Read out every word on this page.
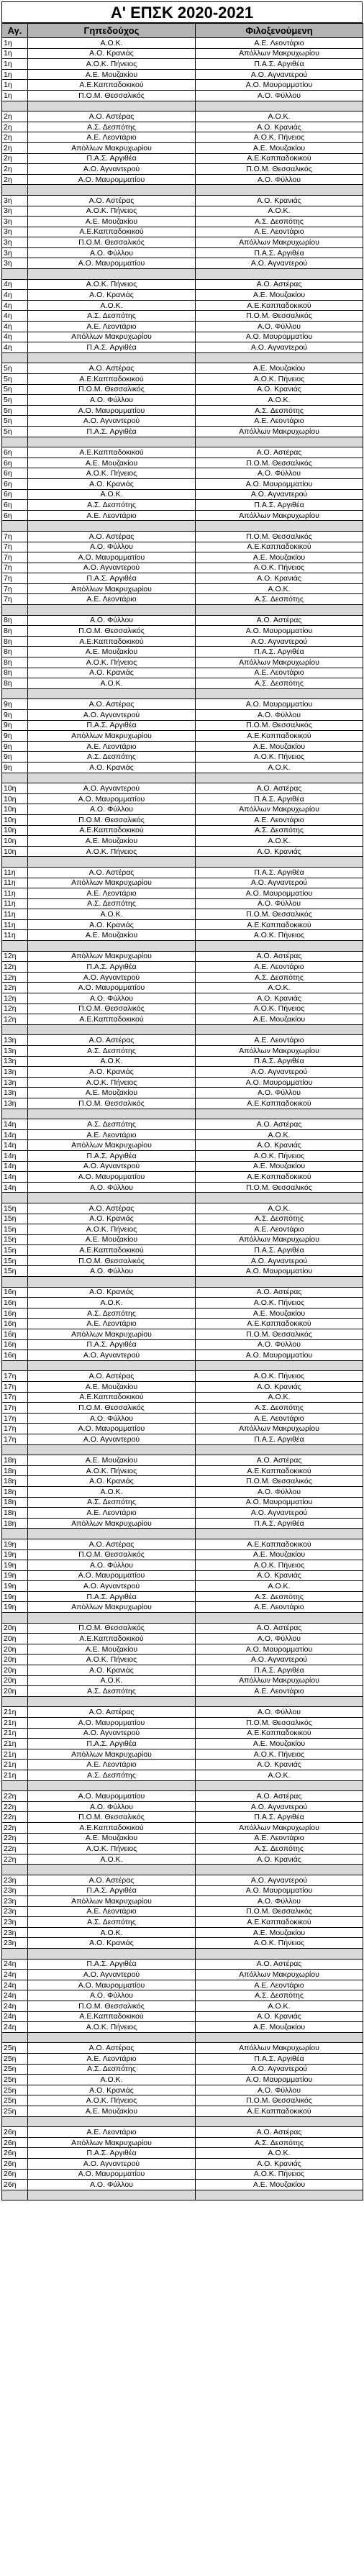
Α' ΕΠΣΚ 2020-2021
Αγ.	Γηπεδούχος	Φιλοξενούμενη
1η	Α.Ο.Κ.	Α.Ε. Λεοντάριο
1η	Α.Ο. Κρανιάς	Απόλλων Μακρυχωρίου
1η	Α.Ο.Κ. Πήνειος	Π.Α.Σ. Αργιθέα
1η	Α.Ε. Μουζακίου	Α.Ο. Αγναντερού
1η	Α.Ε.Καππαδοκικού	Α.Ο. Μαυρομματίου
1η	Π.Ο.Μ. Θεσσαλικός	Α.Ο. Φύλλου

2η	Α.Ο. Αστέρας	Α.Ο.Κ.
2η	Α.Σ. Δεσπότης	Α.Ο. Κρανιάς
2η	Α.Ε. Λεοντάριο	Α.Ο.Κ. Πήνειος
2η	Απόλλων Μακρυχωρίου	Α.Ε. Μουζακίου
2η	Π.Α.Σ. Αργιθέα	Α.Ε.Καππαδοκικού
2η	Α.Ο. Αγναντερού	Π.Ο.Μ. Θεσσαλικός
2η	Α.Ο. Μαυρομματίου	Α.Ο. Φύλλου

3η	Α.Ο. Αστέρας	Α.Ο. Κρανιάς
3η	Α.Ο.Κ. Πήνειος	Α.Ο.Κ.
3η	Α.Ε. Μουζακίου	Α.Σ. Δεσπότης
3η	Α.Ε.Καππαδοκικού	Α.Ε. Λεοντάριο
3η	Π.Ο.Μ. Θεσσαλικός	Απόλλων Μακρυχωρίου
3η	Α.Ο. Φύλλου	Π.Α.Σ. Αργιθέα
3η	Α.Ο. Μαυρομματίου	Α.Ο. Αγναντερού

4η	Α.Ο.Κ. Πήνειος	Α.Ο. Αστέρας
4η	Α.Ο. Κρανιάς	Α.Ε. Μουζακίου
4η	Α.Ο.Κ.	Α.Ε.Καππαδοκικού
4η	Α.Σ. Δεσπότης	Π.Ο.Μ. Θεσσαλικός
4η	Α.Ε. Λεοντάριο	Α.Ο. Φύλλου
4η	Απόλλων Μακρυχωρίου	Α.Ο. Μαυρομματίου
4η	Π.Α.Σ. Αργιθέα	Α.Ο. Αγναντερού

5η	Α.Ο. Αστέρας	Α.Ε. Μουζακίου
5η	Α.Ε.Καππαδοκικού	Α.Ο.Κ. Πήνειος
5η	Π.Ο.Μ. Θεσσαλικός	Α.Ο. Κρανιάς
5η	Α.Ο. Φύλλου	Α.Ο.Κ.
5η	Α.Ο. Μαυρομματίου	Α.Σ. Δεσπότης
5η	Α.Ο. Αγναντερού	Α.Ε. Λεοντάριο
5η	Π.Α.Σ. Αργιθέα	Απόλλων Μακρυχωρίου

6η	Α.Ε.Καππαδοκικού	Α.Ο. Αστέρας
6η	Α.Ε. Μουζακίου	Π.Ο.Μ. Θεσσαλικός
6η	Α.Ο.Κ. Πήνειος	Α.Ο. Φύλλου
6η	Α.Ο. Κρανιάς	Α.Ο. Μαυρομματίου
6η	Α.Ο.Κ.	Α.Ο. Αγναντερού
6η	Α.Σ. Δεσπότης	Π.Α.Σ. Αργιθέα
6η	Α.Ε. Λεοντάριο	Απόλλων Μακρυχωρίου

7η	Α.Ο. Αστέρας	Π.Ο.Μ. Θεσσαλικός
7η	Α.Ο. Φύλλου	Α.Ε.Καππαδοκικού
7η	Α.Ο. Μαυρομματίου	Α.Ε. Μουζακίου
7η	Α.Ο. Αγναντερού	Α.Ο.Κ. Πήνειος
7η	Π.Α.Σ. Αργιθέα	Α.Ο. Κρανιάς
7η	Απόλλων Μακρυχωρίου	Α.Ο.Κ.
7η	Α.Ε. Λεοντάριο	Α.Σ. Δεσπότης

8η	Α.Ο. Φύλλου	Α.Ο. Αστέρας
8η	Π.Ο.Μ. Θεσσαλικός	Α.Ο. Μαυρομματίου
8η	Α.Ε.Καππαδοκικού	Α.Ο. Αγναντερού
8η	Α.Ε. Μουζακίου	Π.Α.Σ. Αργιθέα
8η	Α.Ο.Κ. Πήνειος	Απόλλων Μακρυχωρίου
8η	Α.Ο. Κρανιάς	Α.Ε. Λεοντάριο
8η	Α.Ο.Κ.	Α.Σ. Δεσπότης

9η	Α.Ο. Αστέρας	Α.Ο. Μαυρομματίου
9η	Α.Ο. Αγναντερού	Α.Ο. Φύλλου
9η	Π.Α.Σ. Αργιθέα	Π.Ο.Μ. Θεσσαλικός
9η	Απόλλων Μακρυχωρίου	Α.Ε.Καππαδοκικού
9η	Α.Ε. Λεοντάριο	Α.Ε. Μουζακίου
9η	Α.Σ. Δεσπότης	Α.Ο.Κ. Πήνειος
9η	Α.Ο. Κρανιάς	Α.Ο.Κ.

10η	Α.Ο. Αγναντερού	Α.Ο. Αστέρας
10η	Α.Ο. Μαυρομματίου	Π.Α.Σ. Αργιθέα
10η	Α.Ο. Φύλλου	Απόλλων Μακρυχωρίου
10η	Π.Ο.Μ. Θεσσαλικός	Α.Ε. Λεοντάριο
10η	Α.Ε.Καππαδοκικού	Α.Σ. Δεσπότης
10η	Α.Ε. Μουζακίου	Α.Ο.Κ.
10η	Α.Ο.Κ. Πήνειος	Α.Ο. Κρανιάς

11η	Α.Ο. Αστέρας	Π.Α.Σ. Αργιθέα
11η	Απόλλων Μακρυχωρίου	Α.Ο. Αγναντερού
11η	Α.Ε. Λεοντάριο	Α.Ο. Μαυρομματίου
11η	Α.Σ. Δεσπότης	Α.Ο. Φύλλου
11η	Α.Ο.Κ.	Π.Ο.Μ. Θεσσαλικός
11η	Α.Ο. Κρανιάς	Α.Ε.Καππαδοκικού
11η	Α.Ε. Μουζακίου	Α.Ο.Κ. Πήνειος

12η	Απόλλων Μακρυχωρίου	Α.Ο. Αστέρας
12η	Π.Α.Σ. Αργιθέα	Α.Ε. Λεοντάριο
12η	Α.Ο. Αγναντερού	Α.Σ. Δεσπότης
12η	Α.Ο. Μαυρομματίου	Α.Ο.Κ.
12η	Α.Ο. Φύλλου	Α.Ο. Κρανιάς
12η	Π.Ο.Μ. Θεσσαλικός	Α.Ο.Κ. Πήνειος
12η	Α.Ε.Καππαδοκικού	Α.Ε. Μουζακίου

13η	Α.Ο. Αστέρας	Α.Ε. Λεοντάριο
13η	Α.Σ. Δεσπότης	Απόλλων Μακρυχωρίου
13η	Α.Ο.Κ.	Π.Α.Σ. Αργιθέα
13η	Α.Ο. Κρανιάς	Α.Ο. Αγναντερού
13η	Α.Ο.Κ. Πήνειος	Α.Ο. Μαυρομματίου
13η	Α.Ε. Μουζακίου	Α.Ο. Φύλλου
13η	Π.Ο.Μ. Θεσσαλικός	Α.Ε.Καππαδοκικού

14η	Α.Σ. Δεσπότης	Α.Ο. Αστέρας
14η	Α.Ε. Λεοντάριο	Α.Ο.Κ.
14η	Απόλλων Μακρυχωρίου	Α.Ο. Κρανιάς
14η	Π.Α.Σ. Αργιθέα	Α.Ο.Κ. Πήνειος
14η	Α.Ο. Αγναντερού	Α.Ε. Μουζακίου
14η	Α.Ο. Μαυρομματίου	Α.Ε.Καππαδοκικού
14η	Α.Ο. Φύλλου	Π.Ο.Μ. Θεσσαλικός

15η	Α.Ο. Αστέρας	Α.Ο.Κ.
15η	Α.Ο. Κρανιάς	Α.Σ. Δεσπότης
15η	Α.Ο.Κ. Πήνειος	Α.Ε. Λεοντάριο
15η	Α.Ε. Μουζακίου	Απόλλων Μακρυχωρίου
15η	Α.Ε.Καππαδοκικού	Π.Α.Σ. Αργιθέα
15η	Π.Ο.Μ. Θεσσαλικός	Α.Ο. Αγναντερού
15η	Α.Ο. Φύλλου	Α.Ο. Μαυρομματίου

16η	Α.Ο. Κρανιάς	Α.Ο. Αστέρας
16η	Α.Ο.Κ.	Α.Ο.Κ. Πήνειος
16η	Α.Σ. Δεσπότης	Α.Ε. Μουζακίου
16η	Α.Ε. Λεοντάριο	Α.Ε.Καππαδοκικού
16η	Απόλλων Μακρυχωρίου	Π.Ο.Μ. Θεσσαλικός
16η	Π.Α.Σ. Αργιθέα	Α.Ο. Φύλλου
16η	Α.Ο. Αγναντερού	Α.Ο. Μαυρομματίου

17η	Α.Ο. Αστέρας	Α.Ο.Κ. Πήνειος
17η	Α.Ε. Μουζακίου	Α.Ο. Κρανιάς
17η	Α.Ε.Καππαδοκικού	Α.Ο.Κ.
17η	Π.Ο.Μ. Θεσσαλικός	Α.Σ. Δεσπότης
17η	Α.Ο. Φύλλου	Α.Ε. Λεοντάριο
17η	Α.Ο. Μαυρομματίου	Απόλλων Μακρυχωρίου
17η	Α.Ο. Αγναντερού	Π.Α.Σ. Αργιθέα

18η	Α.Ε. Μουζακίου	Α.Ο. Αστέρας
18η	Α.Ο.Κ. Πήνειος	Α.Ε.Καππαδοκικού
18η	Α.Ο. Κρανιάς	Π.Ο.Μ. Θεσσαλικός
18η	Α.Ο.Κ.	Α.Ο. Φύλλου
18η	Α.Σ. Δεσπότης	Α.Ο. Μαυρομματίου
18η	Α.Ε. Λεοντάριο	Α.Ο. Αγναντερού
18η	Απόλλων Μακρυχωρίου	Π.Α.Σ. Αργιθέα

19η	Α.Ο. Αστέρας	Α.Ε.Καππαδοκικού
19η	Π.Ο.Μ. Θεσσαλικός	Α.Ε. Μουζακίου
19η	Α.Ο. Φύλλου	Α.Ο.Κ. Πήνειος
19η	Α.Ο. Μαυρομματίου	Α.Ο. Κρανιάς
19η	Α.Ο. Αγναντερού	Α.Ο.Κ.
19η	Π.Α.Σ. Αργιθέα	Α.Σ. Δεσπότης
19η	Απόλλων Μακρυχωρίου	Α.Ε. Λεοντάριο

20η	Π.Ο.Μ. Θεσσαλικός	Α.Ο. Αστέρας
20η	Α.Ε.Καππαδοκικού	Α.Ο. Φύλλου
20η	Α.Ε. Μουζακίου	Α.Ο. Μαυρομματίου
20η	Α.Ο.Κ. Πήνειος	Α.Ο. Αγναντερού
20η	Α.Ο. Κρανιάς	Π.Α.Σ. Αργιθέα
20η	Α.Ο.Κ.	Απόλλων Μακρυχωρίου
20η	Α.Σ. Δεσπότης	Α.Ε. Λεοντάριο

21η	Α.Ο. Αστέρας	Α.Ο. Φύλλου
21η	Α.Ο. Μαυρομματίου	Π.Ο.Μ. Θεσσαλικός
21η	Α.Ο. Αγναντερού	Α.Ε.Καππαδοκικού
21η	Π.Α.Σ. Αργιθέα	Α.Ε. Μουζακίου
21η	Απόλλων Μακρυχωρίου	Α.Ο.Κ. Πήνειος
21η	Α.Ε. Λεοντάριο	Α.Ο. Κρανιάς
21η	Α.Σ. Δεσπότης	Α.Ο.Κ.

22η	Α.Ο. Μαυρομματίου	Α.Ο. Αστέρας
22η	Α.Ο. Φύλλου	Α.Ο. Αγναντερού
22η	Π.Ο.Μ. Θεσσαλικός	Π.Α.Σ. Αργιθέα
22η	Α.Ε.Καππαδοκικού	Απόλλων Μακρυχωρίου
22η	Α.Ε. Μουζακίου	Α.Ε. Λεοντάριο
22η	Α.Ο.Κ. Πήνειος	Α.Σ. Δεσπότης
22η	Α.Ο.Κ.	Α.Ο. Κρανιάς

23η	Α.Ο. Αστέρας	Α.Ο. Αγναντερού
23η	Π.Α.Σ. Αργιθέα	Α.Ο. Μαυρομματίου
23η	Απόλλων Μακρυχωρίου	Α.Ο. Φύλλου
23η	Α.Ε. Λεοντάριο	Π.Ο.Μ. Θεσσαλικός
23η	Α.Σ. Δεσπότης	Α.Ε.Καππαδοκικού
23η	Α.Ο.Κ.	Α.Ε. Μουζακίου
23η	Α.Ο. Κρανιάς	Α.Ο.Κ. Πήνειος

24η	Π.Α.Σ. Αργιθέα	Α.Ο. Αστέρας
24η	Α.Ο. Αγναντερού	Απόλλων Μακρυχωρίου
24η	Α.Ο. Μαυρομματίου	Α.Ε. Λεοντάριο
24η	Α.Ο. Φύλλου	Α.Σ. Δεσπότης
24η	Π.Ο.Μ. Θεσσαλικός	Α.Ο.Κ.
24η	Α.Ε.Καππαδοκικού	Α.Ο. Κρανιάς
24η	Α.Ο.Κ. Πήνειος	Α.Ε. Μουζακίου

25η	Α.Ο. Αστέρας	Απόλλων Μακρυχωρίου
25η	Α.Ε. Λεοντάριο	Π.Α.Σ. Αργιθέα
25η	Α.Σ. Δεσπότης	Α.Ο. Αγναντερού
25η	Α.Ο.Κ.	Α.Ο. Μαυρομματίου
25η	Α.Ο. Κρανιάς	Α.Ο. Φύλλου
25η	Α.Ο.Κ. Πήνειος	Π.Ο.Μ. Θεσσαλικός
25η	Α.Ε. Μουζακίου	Α.Ε.Καππαδοκικού

26η	Α.Ε. Λεοντάριο	Α.Ο. Αστέρας
26η	Απόλλων Μακρυχωρίου	Α.Σ. Δεσπότης
26η	Π.Α.Σ. Αργιθέα	Α.Ο.Κ.
26η	Α.Ο. Αγναντερού	Α.Ο. Κρανιάς
26η	Α.Ο. Μαυρομματίου	Α.Ο.Κ. Πήνειος
26η	Α.Ο. Φύλλου	Α.Ε. Μουζακίου
